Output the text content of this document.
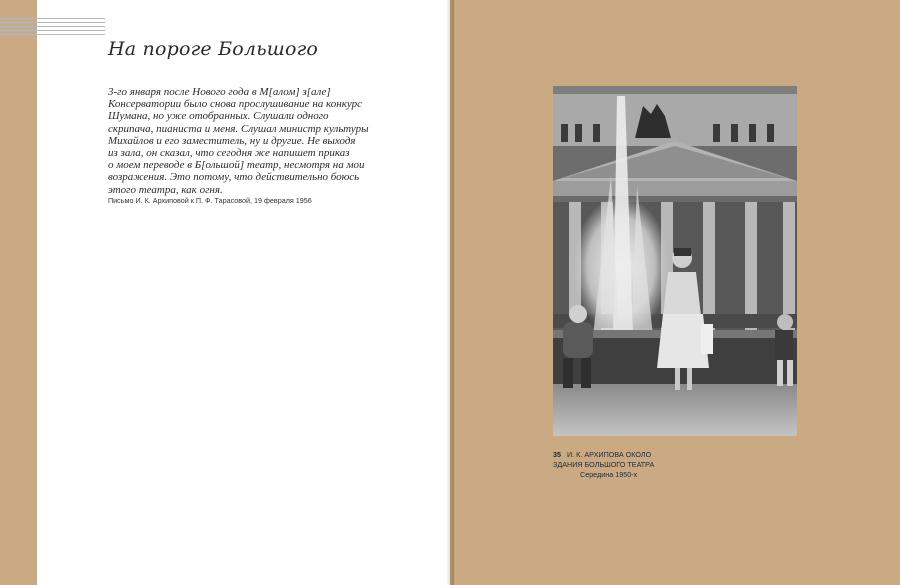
На пороге Большого
3-го января после Нового года в М[алом] з[але]
Консерватории было снова прослушивание на конкурс
Шумана, но уже отобранных. Слушали одного
скрипача, пианиста и меня. Слушал министр культуры
Михайлов и его заместитель, ну и другие. Не выходя
из зала, он сказал, что сегодня же напишет приказ
о моем переводе в Б[ольшой] театр, несмотря на мои
возражения. Это потому, что действительно боюсь
этого театра, как огня.
Письмо И. К. Архиповой к П. Ф. Тарасовой, 19 февраля 1956
35 И. К. АРХИПОВА ОКОЛО
ЗДАНИЯ БОЛЬШОГО ТЕАТРА
Середина 1950-х
